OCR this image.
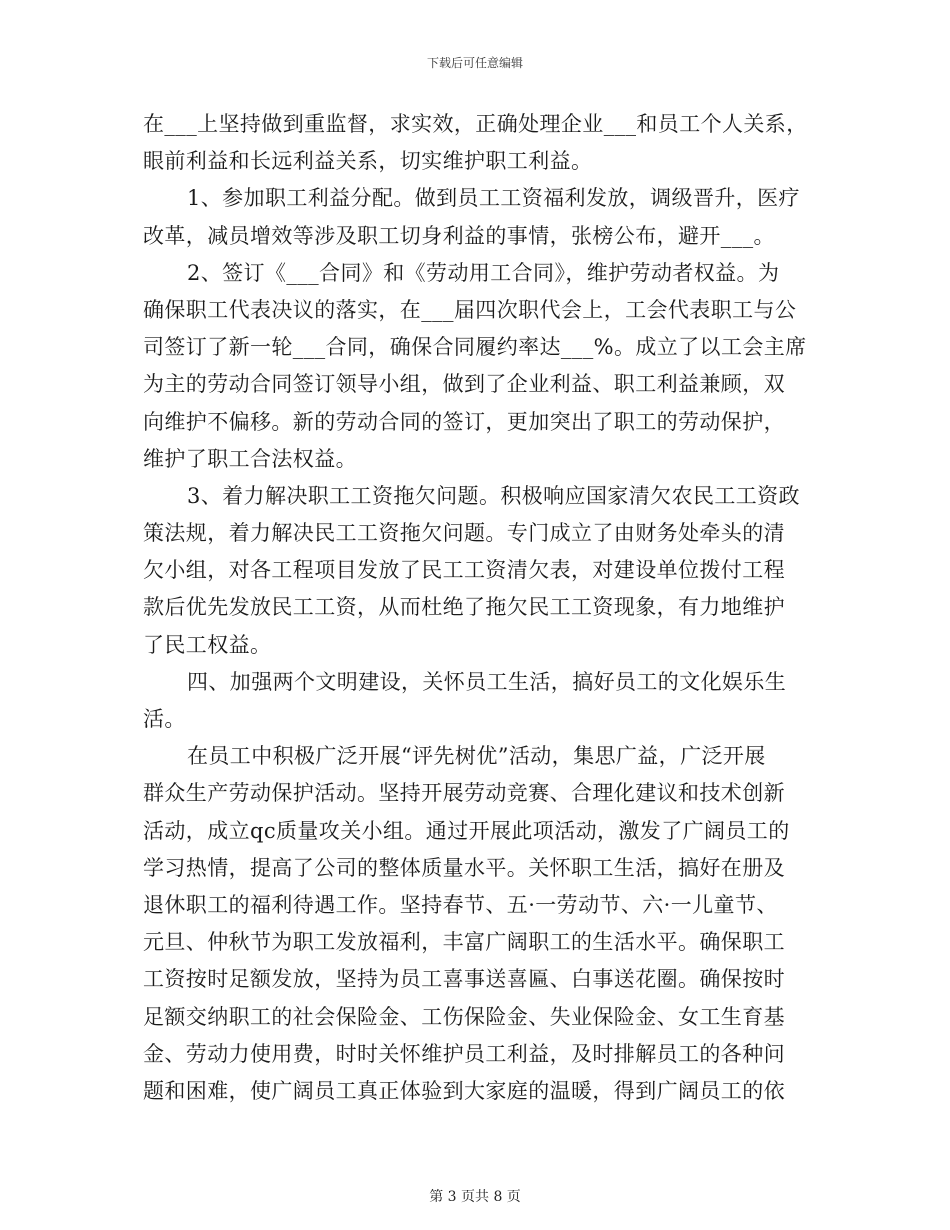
下载后可任意编辑
在___上坚持做到重监督，求实效，正确处理企业___和员工个人关系，
眼前利益和长远利益关系，切实维护职工利益。
1、参加职工利益分配。做到员工工资福利发放，调级晋升，医疗
改革，减员增效等涉及职工切身利益的事情，张榜公布，避开___。
2、签订《___合同》和《劳动用工合同》，维护劳动者权益。为
确保职工代表决议的落实，在___届四次职代会上，工会代表职工与公
司签订了新一轮___合同，确保合同履约率达___%。成立了以工会主席
为主的劳动合同签订领导小组，做到了企业利益、职工利益兼顾，双
向维护不偏移。新的劳动合同的签订，更加突出了职工的劳动保护，
维护了职工合法权益。
3、着力解决职工工资拖欠问题。积极响应国家清欠农民工工资政
策法规，着力解决民工工资拖欠问题。专门成立了由财务处牵头的清
欠小组，对各工程项目发放了民工工资清欠表，对建设单位拨付工程
款后优先发放民工工资，从而杜绝了拖欠民工工资现象，有力地维护
了民工权益。
四、加强两个文明建设，关怀员工生活，搞好员工的文化娱乐生
活。
在员工中积极广泛开展“评先树优”活动，集思广益，广泛开展
群众生产劳动保护活动。坚持开展劳动竞赛、合理化建议和技术创新
活动，成立qc质量攻关小组。通过开展此项活动，激发了广阔员工的
学习热情，提高了公司的整体质量水平。关怀职工生活，搞好在册及
退休职工的福利待遇工作。坚持春节、五·一劳动节、六·一儿童节、
元旦、仲秋节为职工发放福利，丰富广阔职工的生活水平。确保职工
工资按时足额发放，坚持为员工喜事送喜匾、白事送花圈。确保按时
足额交纳职工的社会保险金、工伤保险金、失业保险金、女工生育基
金、劳动力使用费，时时关怀维护员工利益，及时排解员工的各种问
题和困难，使广阔员工真正体验到大家庭的温暖，得到广阔员工的依
第 3 页共 8 页
